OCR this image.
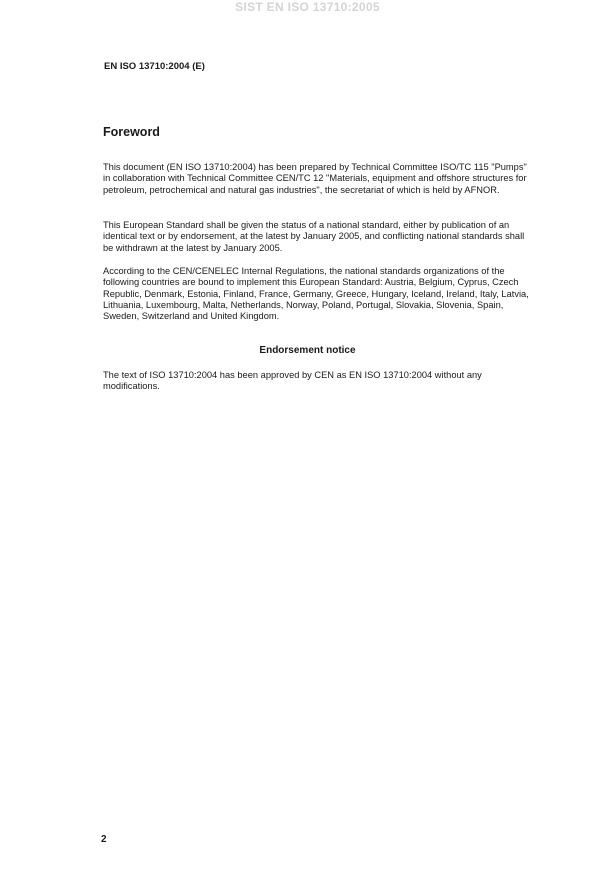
SIST EN ISO 13710:2005
EN ISO 13710:2004 (E)
Foreword
This document (EN ISO 13710:2004) has been prepared by Technical Committee ISO/TC 115 "Pumps" in collaboration with Technical Committee CEN/TC 12 "Materials, equipment and offshore structures for petroleum, petrochemical and natural gas industries", the secretariat of which is held by AFNOR.
This European Standard shall be given the status of a national standard, either by publication of an identical text or by endorsement, at the latest by January 2005, and conflicting national standards shall be withdrawn at the latest by January 2005.
According to the CEN/CENELEC Internal Regulations, the national standards organizations of the following countries are bound to implement this European Standard: Austria, Belgium, Cyprus, Czech Republic, Denmark, Estonia, Finland, France, Germany, Greece, Hungary, Iceland, Ireland, Italy, Latvia, Lithuania, Luxembourg, Malta, Netherlands, Norway, Poland, Portugal, Slovakia, Slovenia, Spain, Sweden, Switzerland and United Kingdom.
Endorsement notice
The text of ISO 13710:2004 has been approved by CEN as EN ISO 13710:2004 without any modifications.
2
